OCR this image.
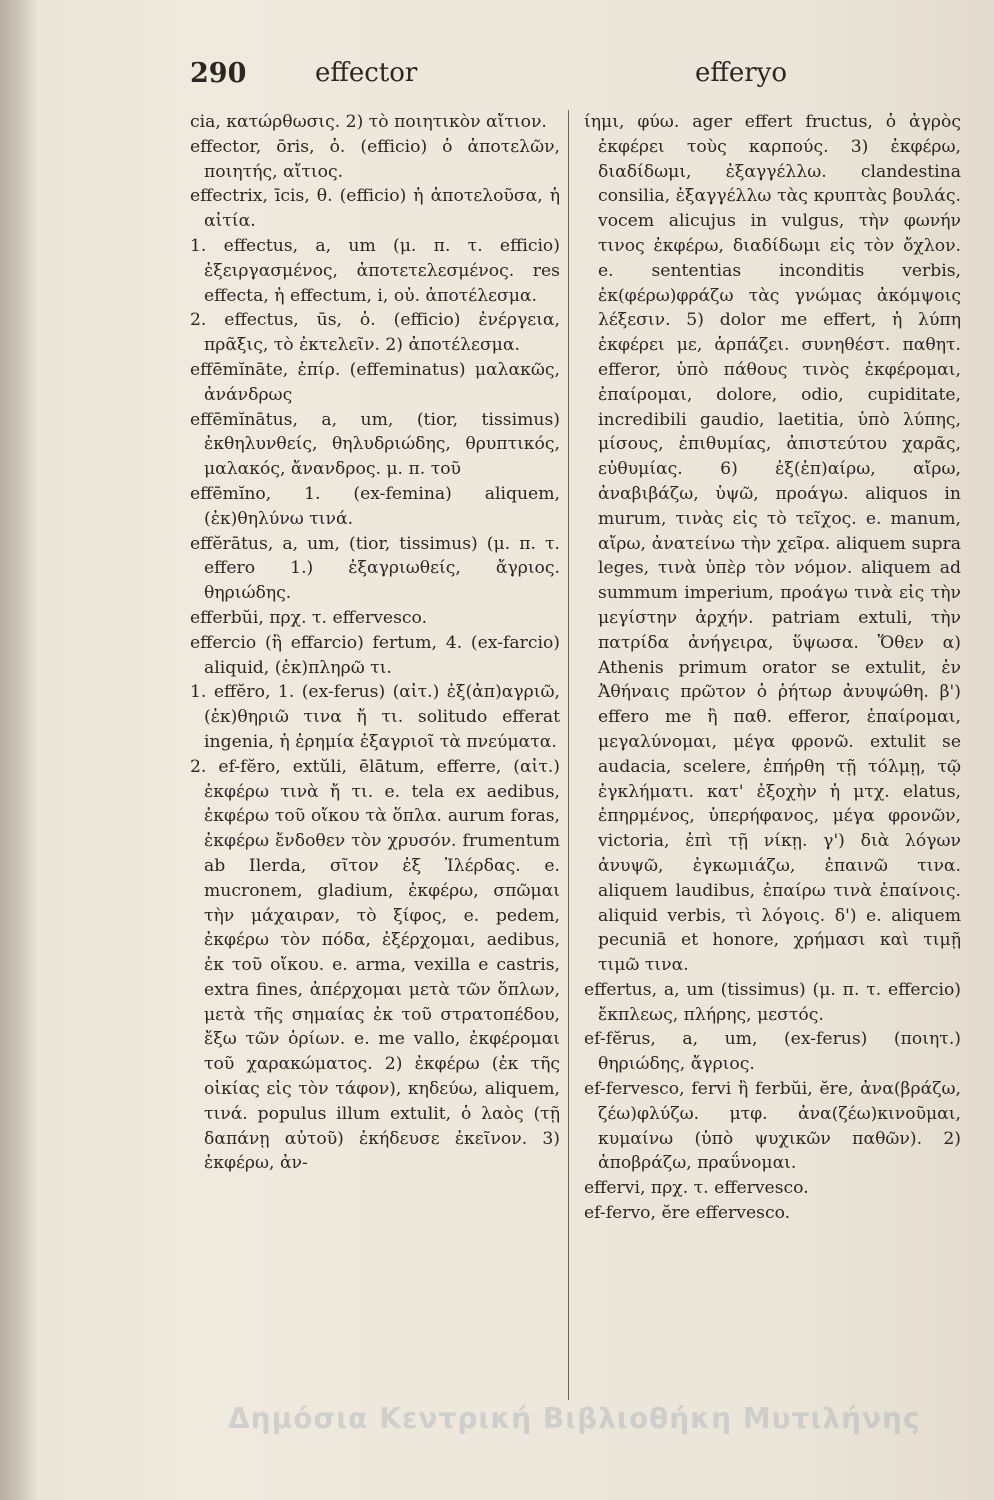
290	effector	efferyo

cia, κατώρθωσις. 2) τὸ ποιητικὸν αἴτιον.

effector, ōris, ὁ. (efficio) ὁ ἀποτελῶν, ποιητής, αἴτιος.

effectrix, īcis, θ. (efficio) ἡ ἀποτελοῦσα, ἡ αἰτία.

1. effectus, a, um (μ. π. τ. efficio) ἐξειργασμένος, ἀποτετελεσμένος. res effecta, ἡ effectum, i, οὐ. ἀποτέλεσμα.

2. effectus, ūs, ὁ. (efficio) ἐνέργεια, πρᾶξις, τὸ ἐκτελεῖν. 2) ἀποτέλεσμα.

effēmĭnāte, ἐπίρ. (effeminatus) μαλακῶς, ἀνάνδρως

effēmĭnātus, a, um, (tior, tissimus) ἐκθηλυνθείς, θηλυδριώδης, θρυπτικός, μαλακός, ἄνανδρος. μ. π. τοῦ

effēmĭno, 1. (ex-femina) aliquem, (ἐκ)θηλύνω τινά.

effĕrātus, a, um, (tior, tissimus) (μ. π. τ. effero 1.) ἐξαγριωθείς, ἄγριος. θηριώδης.

efferbŭi, πρχ. τ. effervesco.

effercio (ἢ effarcio) fertum, 4. (ex-farcio) aliquid, (ἐκ)πληρῶ τι.

1. effĕro, 1. (ex-ferus) (αἰτ.) ἐξ(ἀπ)αγριῶ, (ἐκ)θηριῶ τινα ἤ τι. solitudo efferat ingenia, ἡ ἐρημία ἐξαγριοῖ τὰ πνεύματα.

2. ef-fĕro, extŭli, ēlātum, efferre, (αἰτ.) ἐκφέρω τινὰ ἤ τι. e. tela ex aedibus, ἐκφέρω τοῦ οἴκου τὰ ὅπλα. aurum foras, ἐκφέρω ἔνδοθεν τὸν χρυσόν. frumentum ab Ilerda, σῖτον ἐξ Ἰλέρδας. e. mucronem, gladium, ἐκφέρω, σπῶμαι τὴν μάχαιραν, τὸ ξίφος, e. pedem, ἐκφέρω τὸν πόδα, ἐξέρχομαι, aedibus, ἐκ τοῦ οἴκου. e. arma, vexilla e castris, extra fines, ἀπέρχομαι μετὰ τῶν ὅπλων, μετὰ τῆς σημαίας ἐκ τοῦ στρατοπέδου, ἔξω τῶν ὁρίων. e. me vallo, ἐκφέρομαι τοῦ χαρακώματος. 2) ἐκφέρω (ἐκ τῆς οἰκίας εἰς τὸν τάφον), κηδεύω, aliquem, τινά. populus illum extulit, ὁ λαὸς (τῇ δαπάνῃ αὐτοῦ) ἐκήδευσε ἐκεῖνον. 3) ἐκφέρω, ἀν-

ίημι, φύω. ager effert fructus, ὁ ἀγρὸς ἐκφέρει τοὺς καρπούς. 3) ἐκφέρω, διαδίδωμι, ἐξαγγέλλω. clandestina consilia, ἐξαγγέλλω τὰς κρυπτὰς βουλάς. vocem alicujus in vulgus, τὴν φωνήν τινος ἐκφέρω, διαδίδωμι εἰς τὸν ὄχλον. e. sententias inconditis verbis, ἐκ(φέρω)φράζω τὰς γνώμας ἀκόμψοις λέξεσιν. 5) dolor me effert, ἡ λύπη ἐκφέρει με, ἁρπάζει. συνηθέστ. παθητ. efferor, ὑπὸ πάθους τινὸς ἐκφέρομαι, ἐπαίρομαι, dolore, odio, cupiditate, incredibili gaudio, laetitia, ὑπὸ λύπης, μίσους, ἐπιθυμίας, ἀπιστεύτου χαρᾶς, εὐθυμίας. 6) ἐξ(ἐπ)αίρω, αἴρω, ἀναβιβάζω, ὑψῶ, προάγω. aliquos in murum, τινὰς εἰς τὸ τεῖχος. e. manum, αἴρω, ἀνατείνω τὴν χεῖρα. aliquem supra leges, τινὰ ὑπὲρ τὸν νόμον. aliquem ad summum imperium, προάγω τινὰ εἰς τὴν μεγίστην ἀρχήν. patriam extuli, τὴν πατρίδα ἀνήγειρα, ὕψωσα. Ὅθεν α) Athenis primum orator se extulit, ἐν Ἀθήναις πρῶτον ὁ ῥήτωρ ἀνυψώθη. β') effero me ἢ παθ. efferor, ἐπαίρομαι, μεγαλύνομαι, μέγα φρονῶ. extulit se audacia, scelere, ἐπήρθη τῇ τόλμῃ, τῷ ἐγκλήματι. κατ' ἐξοχὴν ἡ μτχ. elatus, ἐπηρμένος, ὑπερήφανος, μέγα φρονῶν, victoria, ἐπὶ τῇ νίκῃ. γ') διὰ λόγων ἀνυψῶ, ἐγκωμιάζω, ἐπαινῶ τινα. aliquem laudibus, ἐπαίρω τινὰ ἐπαίνοις. aliquid verbis, τὶ λόγοις. δ') e. aliquem pecuniā et honore, χρήμασι καὶ τιμῇ τιμῶ τινα.

effertus, a, um (tissimus) (μ. π. τ. effercio) ἔκπλεως, πλήρης, μεστός.

ef-fĕrus, a, um, (ex-ferus) (ποιητ.) θηριώδης, ἄγριος.

ef-fervesco, fervi ἢ ferbŭi, ĕre, ἀνα(βράζω, ζέω)φλύζω. μτφ. ἀνα(ζέω)κινοῦμαι, κυμαίνω (ὑπὸ ψυχικῶν παθῶν). 2) ἀποβράζω, πραΰνομαι.

effervi, πρχ. τ. effervesco.

ef-fervo, ĕre effervesco.

Δημόσια Κεντρική Βιβλιοθήκη Μυτιλήνης
